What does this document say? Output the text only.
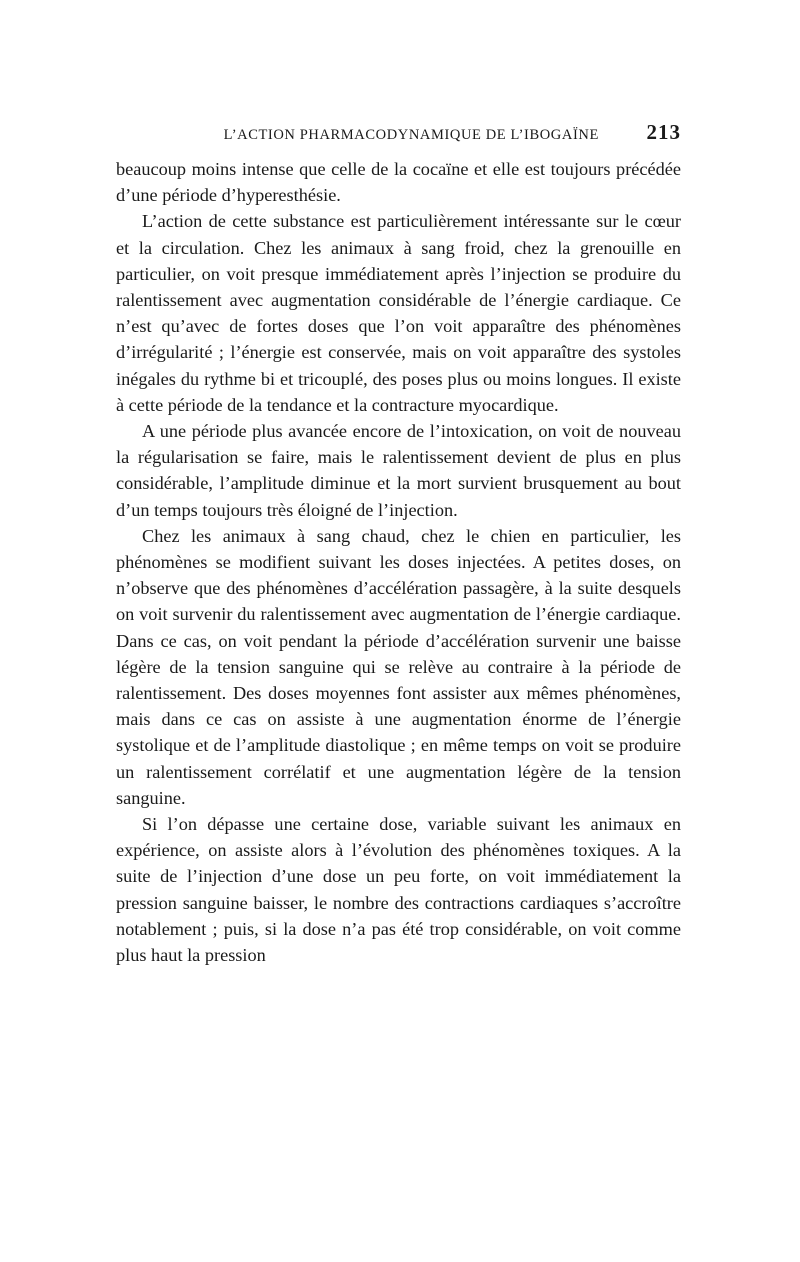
L’ACTION PHARMACODYNAMIQUE DE L’IBOGAÏNE	213

beaucoup moins intense que celle de la cocaïne et elle est toujours précédée d’une période d’hyperesthésie.

L’action de cette substance est particulièrement intéressante sur le cœur et la circulation. Chez les animaux à sang froid, chez la grenouille en particulier, on voit presque immédiatement après l’injection se produire du ralentissement avec augmentation considérable de l’énergie cardiaque. Ce n’est qu’avec de fortes doses que l’on voit apparaître des phénomènes d’irrégularité ; l’énergie est conservée, mais on voit apparaître des systoles inégales du rythme bi et tricouplé, des poses plus ou moins longues. Il existe à cette période de la tendance et la contracture myocardique.

A une période plus avancée encore de l’intoxication, on voit de nouveau la régularisation se faire, mais le ralentissement devient de plus en plus considérable, l’amplitude diminue et la mort survient brusquement au bout d’un temps toujours très éloigné de l’injection.

Chez les animaux à sang chaud, chez le chien en particulier, les phénomènes se modifient suivant les doses injectées. A petites doses, on n’observe que des phénomènes d’accélération passagère, à la suite desquels on voit survenir du ralentissement avec augmentation de l’énergie cardiaque. Dans ce cas, on voit pendant la période d’accélération survenir une baisse légère de la tension sanguine qui se relève au contraire à la période de ralentissement. Des doses moyennes font assister aux mêmes phénomènes, mais dans ce cas on assiste à une augmentation énorme de l’énergie systolique et de l’amplitude diastolique ; en même temps on voit se produire un ralentissement corrélatif et une augmentation légère de la tension sanguine.

Si l’on dépasse une certaine dose, variable suivant les animaux en expérience, on assiste alors à l’évolution des phénomènes toxiques. A la suite de l’injection d’une dose un peu forte, on voit immédiatement la pression sanguine baisser, le nombre des contractions cardiaques s’accroître notablement ; puis, si la dose n’a pas été trop considérable, on voit comme plus haut la pression
